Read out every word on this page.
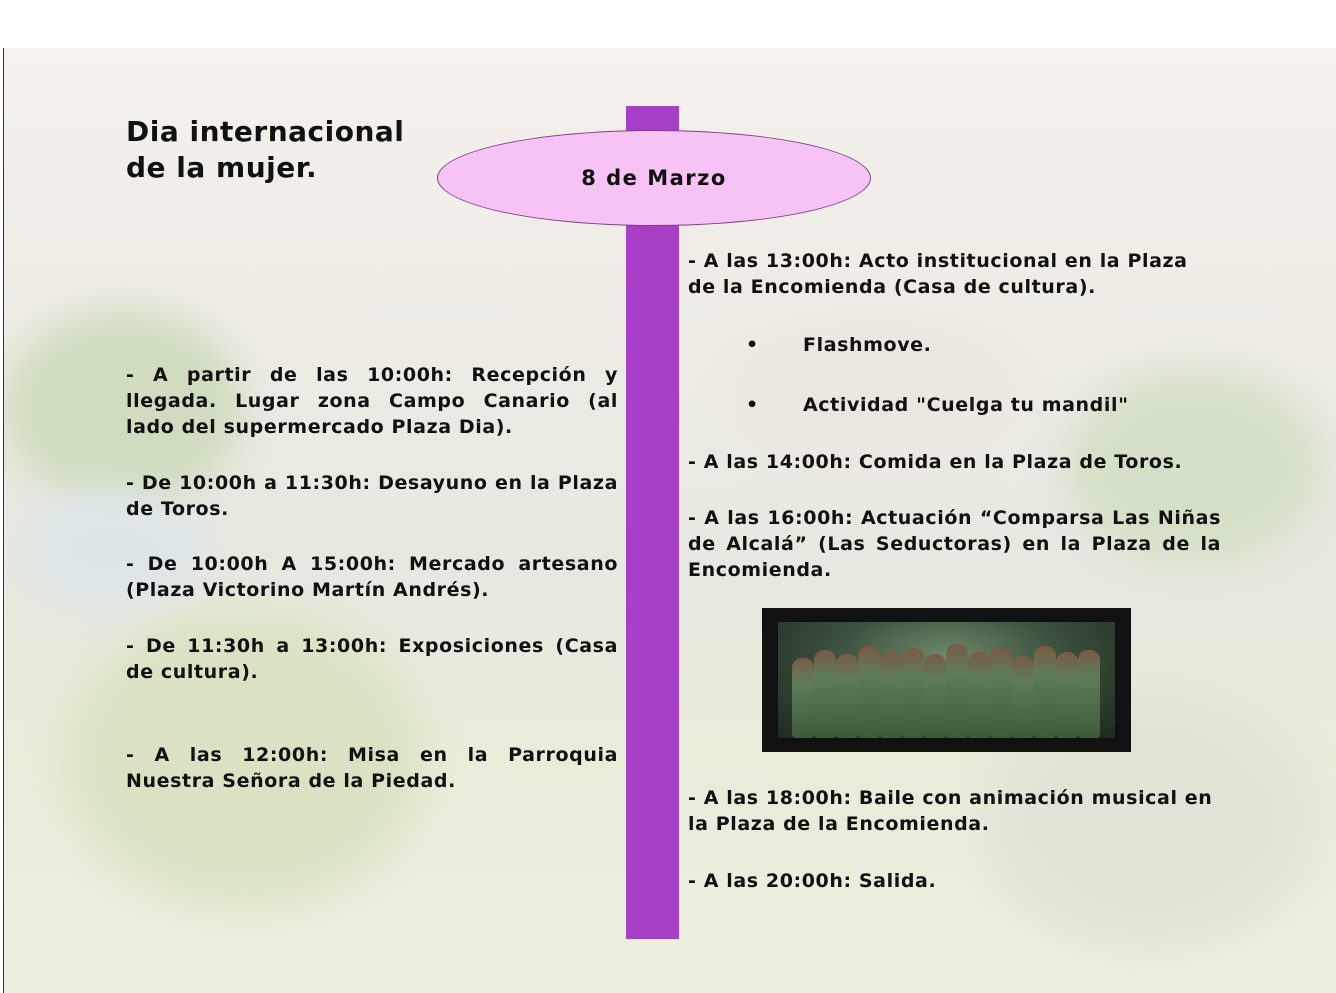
Dia internacional
de la mujer.	8 de Marzo

- A partir de las 10:00h: Recepción y llegada. Lugar zona Campo Canario (al lado del supermercado Plaza Dia).

- De 10:00h a 11:30h: Desayuno en la Plaza de Toros.

- De 10:00h A 15:00h: Mercado artesano (Plaza Victorino Martín Andrés).

- De 11:30h a 13:00h: Exposiciones (Casa de cultura).

- A las 12:00h: Misa en la Parroquia Nuestra Señora de la Piedad.

- A las 13:00h: Acto institucional en la Plaza de la Encomienda (Casa de cultura).

• Flashmove.
• Actividad "Cuelga tu mandil"

- A las 14:00h: Comida en la Plaza de Toros.

- A las 16:00h: Actuación “Comparsa Las Niñas de Alcalá” (Las Seductoras) en la Plaza de la Encomienda.

- A las 18:00h: Baile con animación musical en la Plaza de la Encomienda.

- A las 20:00h: Salida.
